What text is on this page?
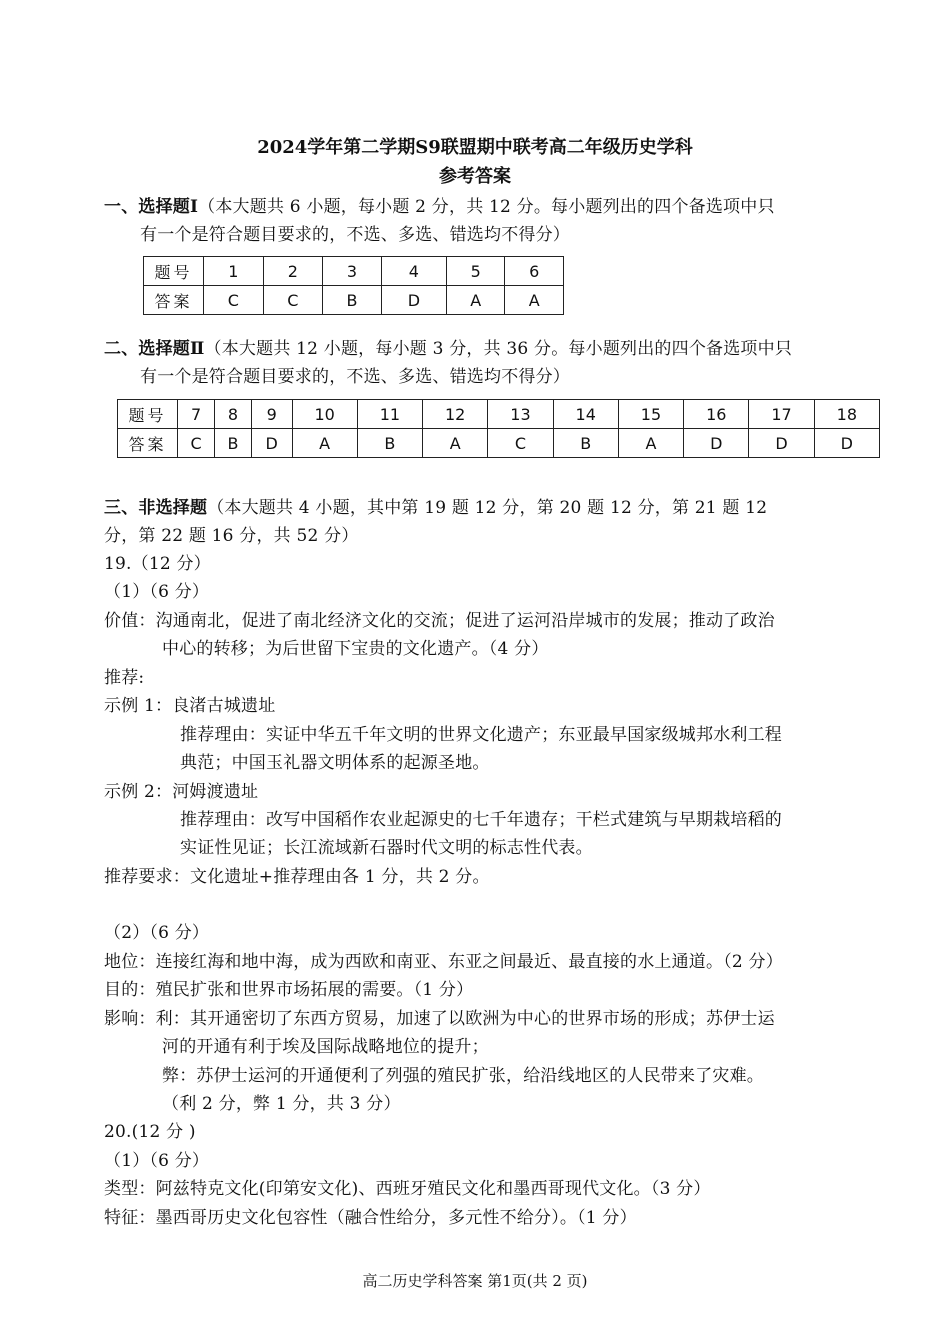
2024学年第二学期S9联盟期中联考高二年级历史学科
参考答案
一、选择题Ⅰ（本大题共 6 小题，每小题 2 分，共 12 分。每小题列出的四个备选项中只
有一个是符合题目要求的，不选、多选、错选均不得分）
题号	1	2	3	4	5	6
答案	C	C	B	D	A	A
二、选择题Ⅱ（本大题共 12 小题，每小题 3 分，共 36 分。每小题列出的四个备选项中只
有一个是符合题目要求的，不选、多选、错选均不得分）
题号	7	8	9	10	11	12	13	14	15	16	17	18
答案	C	B	D	A	B	A	C	B	A	D	D	D
三、非选择题（本大题共 4 小题，其中第 19 题 12 分，第 20 题 12 分，第 21 题 12
分，第 22 题 16 分，共 52 分）
19.（12 分）
（1）（6 分）
价值：沟通南北，促进了南北经济文化的交流；促进了运河沿岸城市的发展；推动了政治
中心的转移；为后世留下宝贵的文化遗产。（4 分）
推荐:
示例 1：良渚古城遗址
推荐理由：实证中华五千年文明的世界文化遗产；东亚最早国家级城邦水利工程
典范；中国玉礼器文明体系的起源圣地。
示例 2：河姆渡遗址
推荐理由：改写中国稻作农业起源史的七千年遗存；干栏式建筑与早期栽培稻的
实证性见证；长江流域新石器时代文明的标志性代表。
推荐要求：文化遗址+推荐理由各 1 分，共 2 分。
（2）（6 分）
地位：连接红海和地中海，成为西欧和南亚、东亚之间最近、最直接的水上通道。（2 分）
目的：殖民扩张和世界市场拓展的需要。（1 分）
影响：利：其开通密切了东西方贸易，加速了以欧洲为中心的世界市场的形成；苏伊士运
河的开通有利于埃及国际战略地位的提升；
弊：苏伊士运河的开通便利了列强的殖民扩张，给沿线地区的人民带来了灾难。
（利 2 分，弊 1 分，共 3 分）
20.(12 分 )
（1）（6 分）
类型：阿兹特克文化(印第安文化)、西班牙殖民文化和墨西哥现代文化。（3 分）
特征：墨西哥历史文化包容性（融合性给分，多元性不给分）。（1 分）
高二历史学科答案 第1页(共 2 页)
